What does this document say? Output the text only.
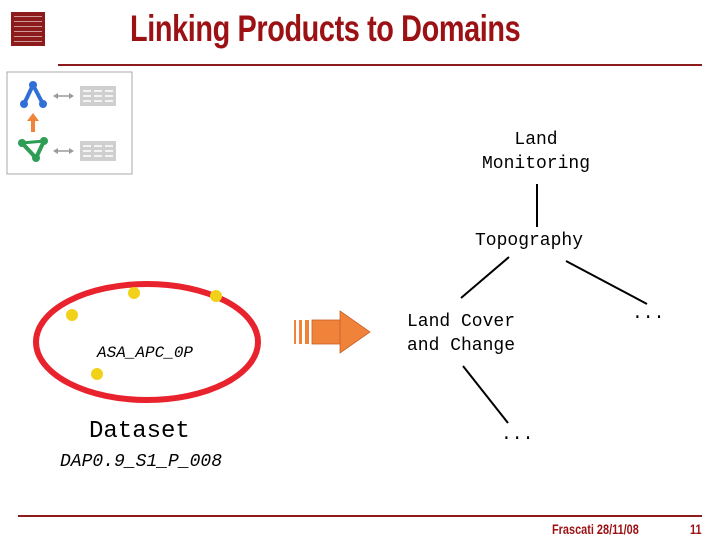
Linking Products to Domains
Land
Monitoring
Topography
Land Cover
and Change
...
...
ASA_APC_0P
Dataset
DAP0.9_S1_P_008
Frascati 28/11/08	11
